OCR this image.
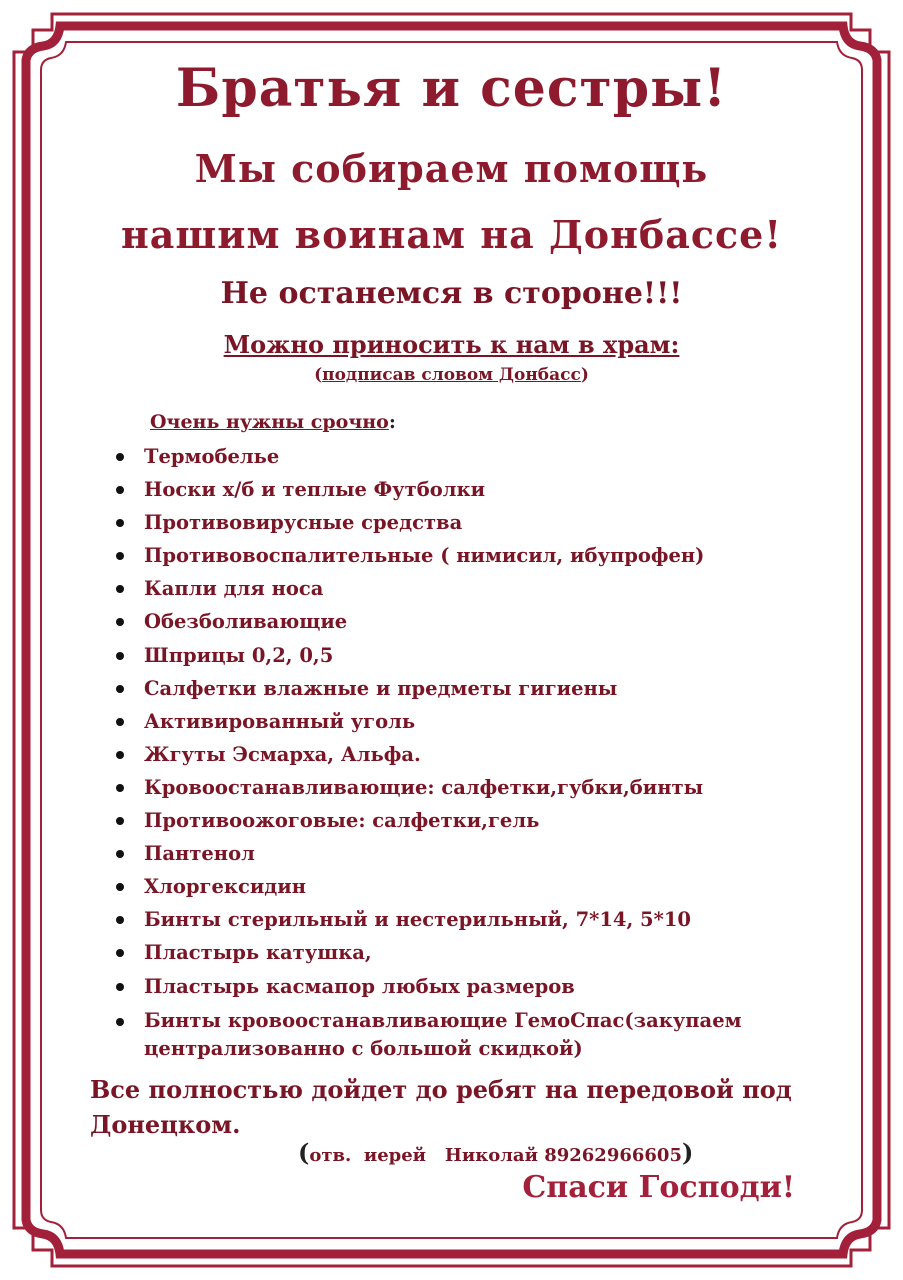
Братья и сестры!
Мы собираем помощь
нашим воинам на Донбассе!
Не останемся в стороне!!!
Можно приносить к нам в храм:
(подписав словом Донбасс)
Очень нужны срочно:
Термобелье
Носки х/б и теплые Футболки
Противовирусные средства
Противовоспалительные ( нимисил, ибупрофен)
Капли для носа
Обезболивающие
Шприцы 0,2, 0,5
Салфетки влажные и предметы гигиены
Активированный уголь
Жгуты Эсмарха, Альфа.
Кровоостанавливающие: салфетки,губки,бинты
Противоожоговые: салфетки,гель
Пантенол
Хлоргексидин
Бинты стерильный и нестерильный, 7*14, 5*10
Пластырь катушка,
Пластырь касмапор любых размеров
Бинты кровоостанавливающие ГемоСпас(закупаем централизованно с большой скидкой)
Все полностью дойдет до ребят на передовой под Донецком.
(отв. иерей Николай 89262966605)
Спаси Господи!
